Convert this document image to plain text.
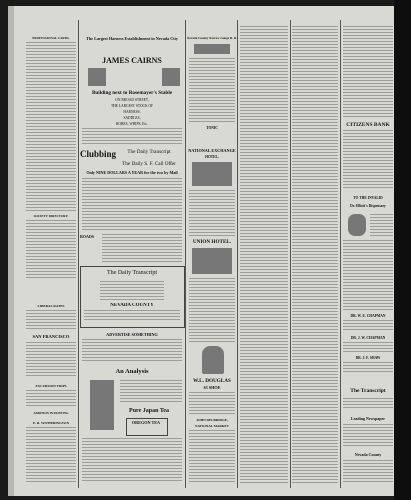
PROFESSIONAL CARDS.
SOCIETY DIRECTORY.
LIBERAL RATES
SAN FRANCISCO
EXCURSION TRIPS
ADDITION IN PAINTING
E. R. WITHERINGTON
The Largest Harness Establishment in Nevada City
JAMES CAIRNS
Building next to Rosemayer's Stable
ON BROAD STREET,
THE LARGEST STOCK OF
HARNESS.
SADDLES,
ROBES, WHIPS, Etc.
Clubbing	The Daily Transcript
The Daily S. F. Call Offer
Only NINE DOLLARS A YEAR for the two by Mail
ROADS
The Daily Transcript
NEVADA COUNTY
ADVERTISE SOMETHING
An Analysis
Pure Japan Tea
OREGON TEA
Nevada County Narrow Gauge R. R.
TONIC
NATIONAL EXCHANGE
HOTEL.
UNION HOTEL.
W.L. DOUGLAS
$3 SHOE
JOHN DELBRIDGE,
NATIONAL MARKET
CITIZENS BANK
TO THE INVALID
Dr. Elliott's Dispensary
DR. W. E. CHAPMAN
DR. J. W. CHAPMAN
DR. J. F. SHAW
The Transcript
Leading Newspaper
Nevada County
